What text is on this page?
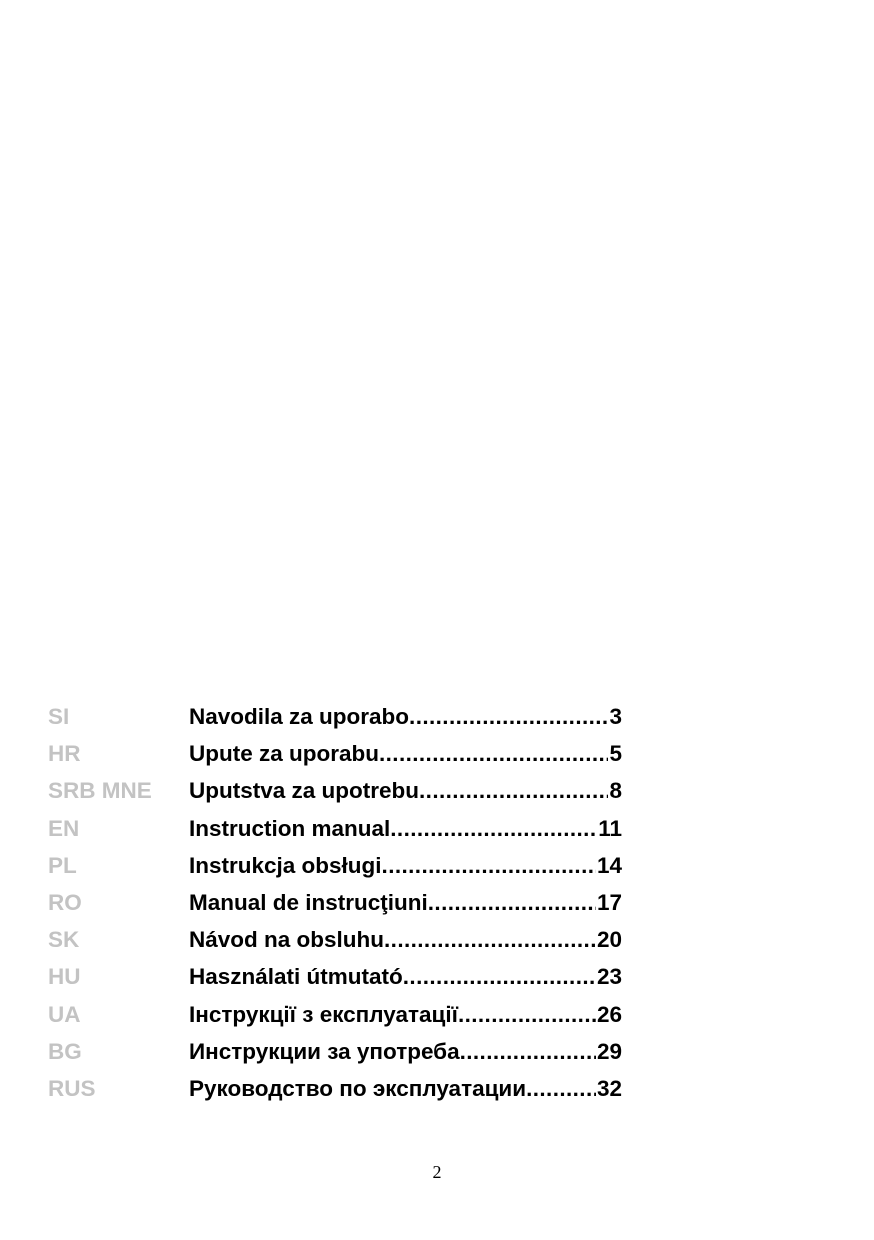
SI	Navodila za uporabo .....	3
HR	Upute za uporabu .....	5
SRB MNE	Uputstva za upotrebu .....	8
EN	Instruction manual .....	11
PL	Instrukcja obsługi .....	14
RO	Manual de instrucţiuni .....	17
SK	Návod na obsluhu .....	20
HU	Használati útmutató .....	23
UA	Інструкції з експлуатації .....	26
BG	Инструкции за употреба .....	29
RUS	Руководство по эксплуатации .....	32
2
